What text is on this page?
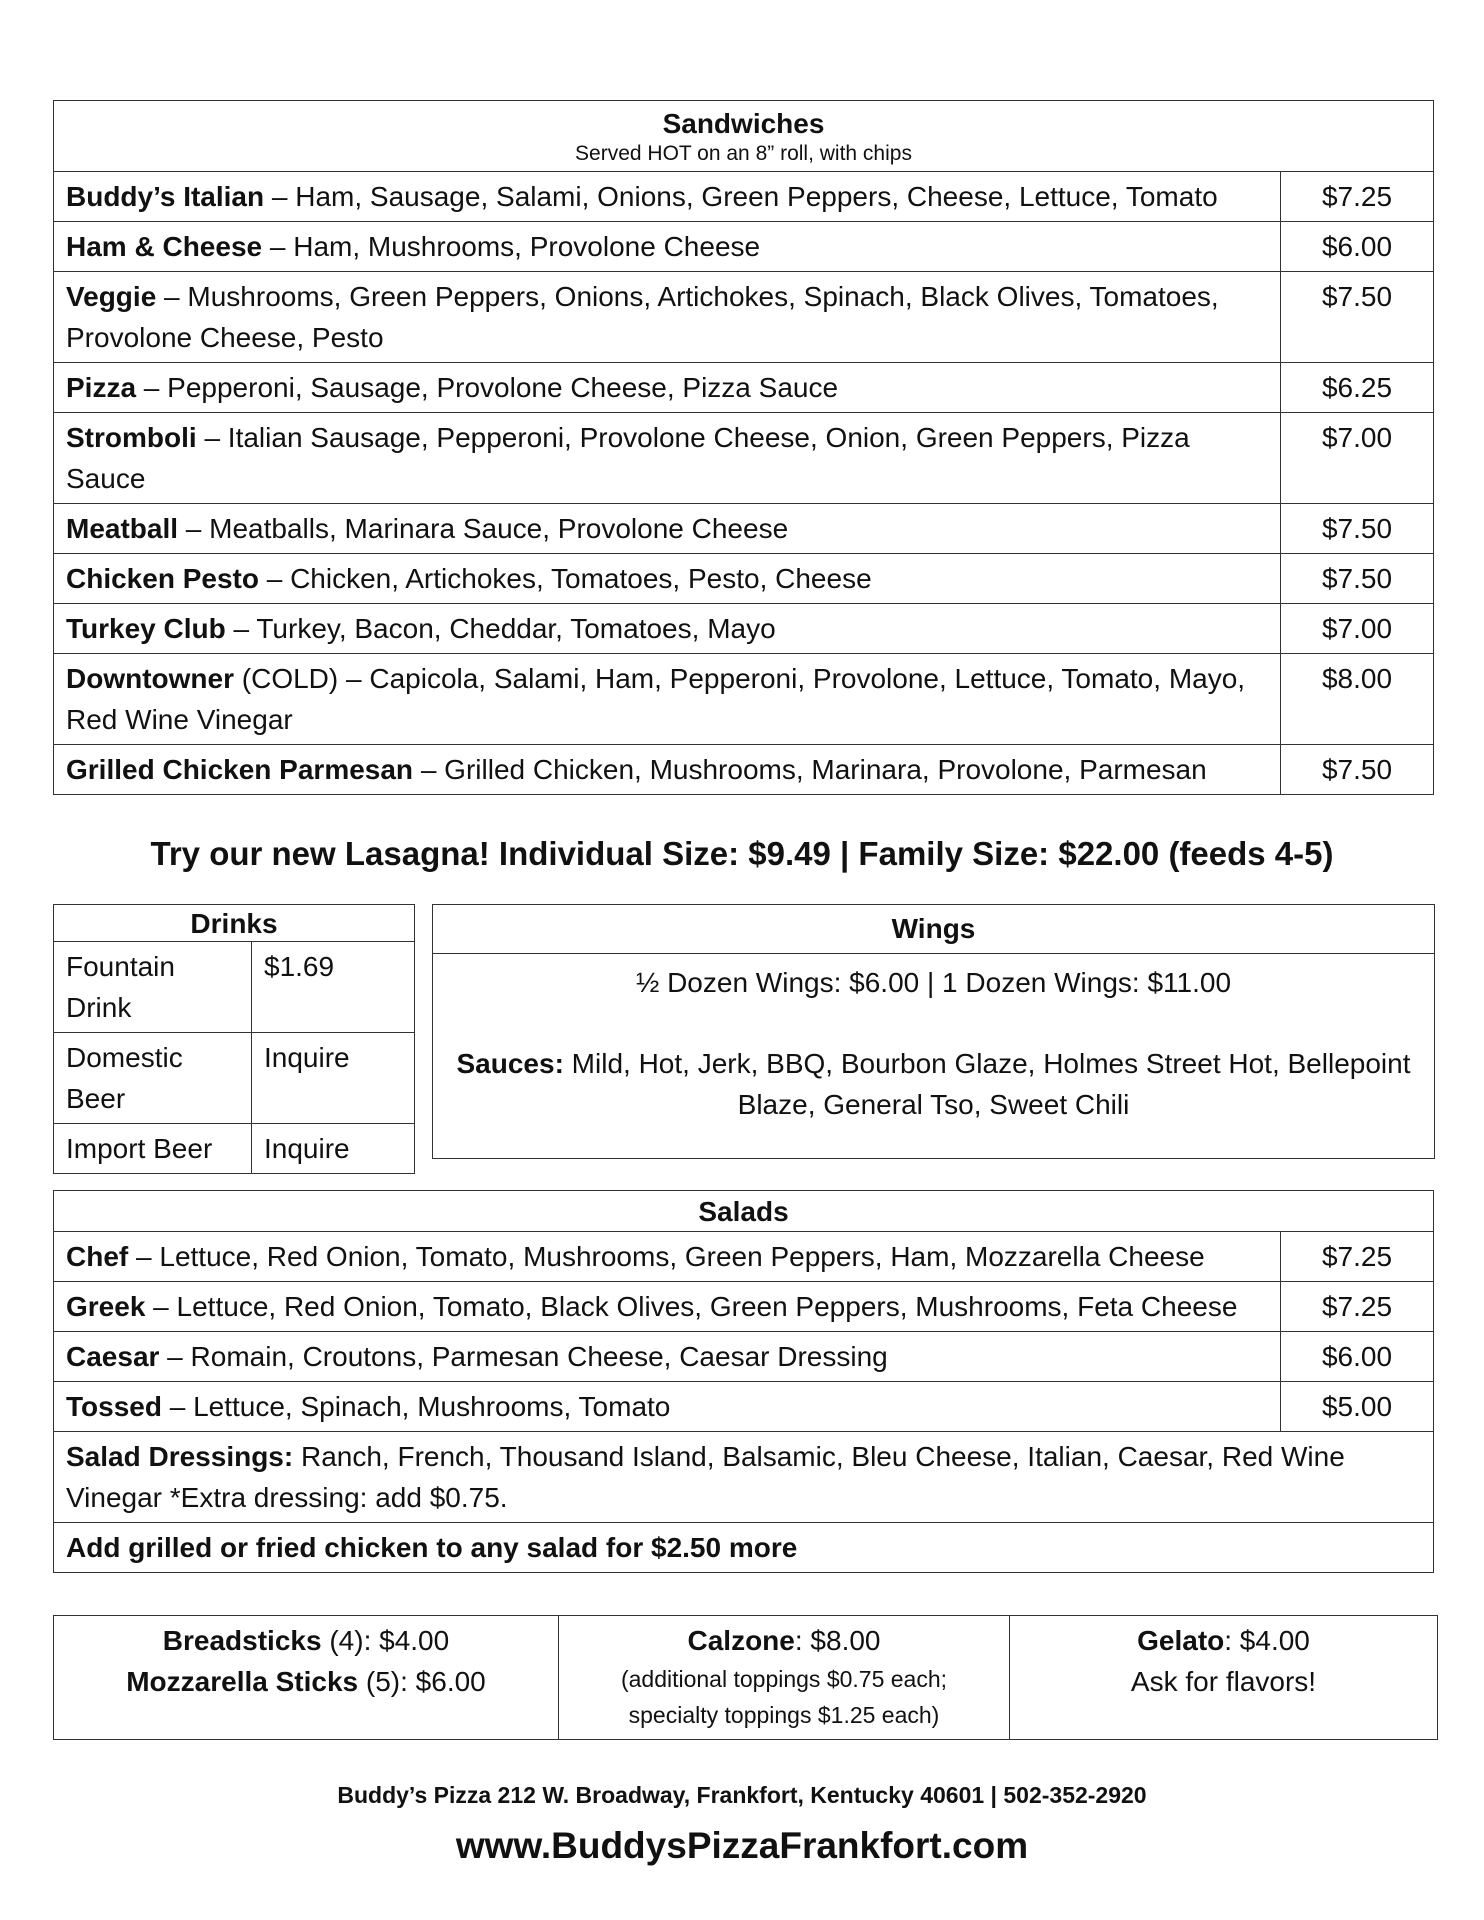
Sandwiches
Served HOT on an 8” roll, with chips	

Buddy’s Italian – Ham, Sausage, Salami, Onions, Green Peppers, Cheese, Lettuce, Tomato	$7.25
Ham & Cheese – Ham, Mushrooms, Provolone Cheese	$6.00
Veggie – Mushrooms, Green Peppers, Onions, Artichokes, Spinach, Black Olives, Tomatoes, Provolone Cheese, Pesto	$7.50
Pizza – Pepperoni, Sausage, Provolone Cheese, Pizza Sauce	$6.25
Stromboli – Italian Sausage, Pepperoni, Provolone Cheese, Onion, Green Peppers, Pizza Sauce	$7.00
Meatball – Meatballs, Marinara Sauce, Provolone Cheese	$7.50
Chicken Pesto – Chicken, Artichokes, Tomatoes, Pesto, Cheese	$7.50
Turkey Club – Turkey, Bacon, Cheddar, Tomatoes, Mayo	$7.00
Downtowner (COLD) – Capicola, Salami, Ham, Pepperoni, Provolone, Lettuce, Tomato, Mayo, Red Wine Vinegar	$8.00
Grilled Chicken Parmesan – Grilled Chicken, Mushrooms, Marinara, Provolone, Parmesan	$7.50
Try our new Lasagna! Individual Size: $9.49 | Family Size: $22.00 (feeds 4-5)
Drinks	
Fountain Drink	$1.69
Domestic Beer	Inquire
Import Beer	Inquire
Wings
½ Dozen Wings: $6.00 | 1 Dozen Wings: $11.00
Sauces: Mild, Hot, Jerk, BBQ, Bourbon Glaze, Holmes Street Hot, Bellepoint Blaze, General Tso, Sweet Chili
Salads	
Chef – Lettuce, Red Onion, Tomato, Mushrooms, Green Peppers, Ham, Mozzarella Cheese	$7.25
Greek – Lettuce, Red Onion, Tomato, Black Olives, Green Peppers, Mushrooms, Feta Cheese	$7.25
Caesar – Romain, Croutons, Parmesan Cheese, Caesar Dressing	$6.00
Tossed – Lettuce, Spinach, Mushrooms, Tomato	$5.00
Salad Dressings: Ranch, French, Thousand Island, Balsamic, Bleu Cheese, Italian, Caesar, Red Wine Vinegar *Extra dressing: add $0.75.	
Add grilled or fried chicken to any salad for $2.50 more	
Breadsticks (4): $4.00
Mozzarella Sticks (5): $6.00

Calzone: $8.00
(additional toppings $0.75 each;
specialty toppings $1.25 each)

Gelato: $4.00
Ask for flavors!
Buddy’s Pizza 212 W. Broadway, Frankfort, Kentucky 40601 | 502-352-2920
www.BuddysPizzaFrankfort.com
